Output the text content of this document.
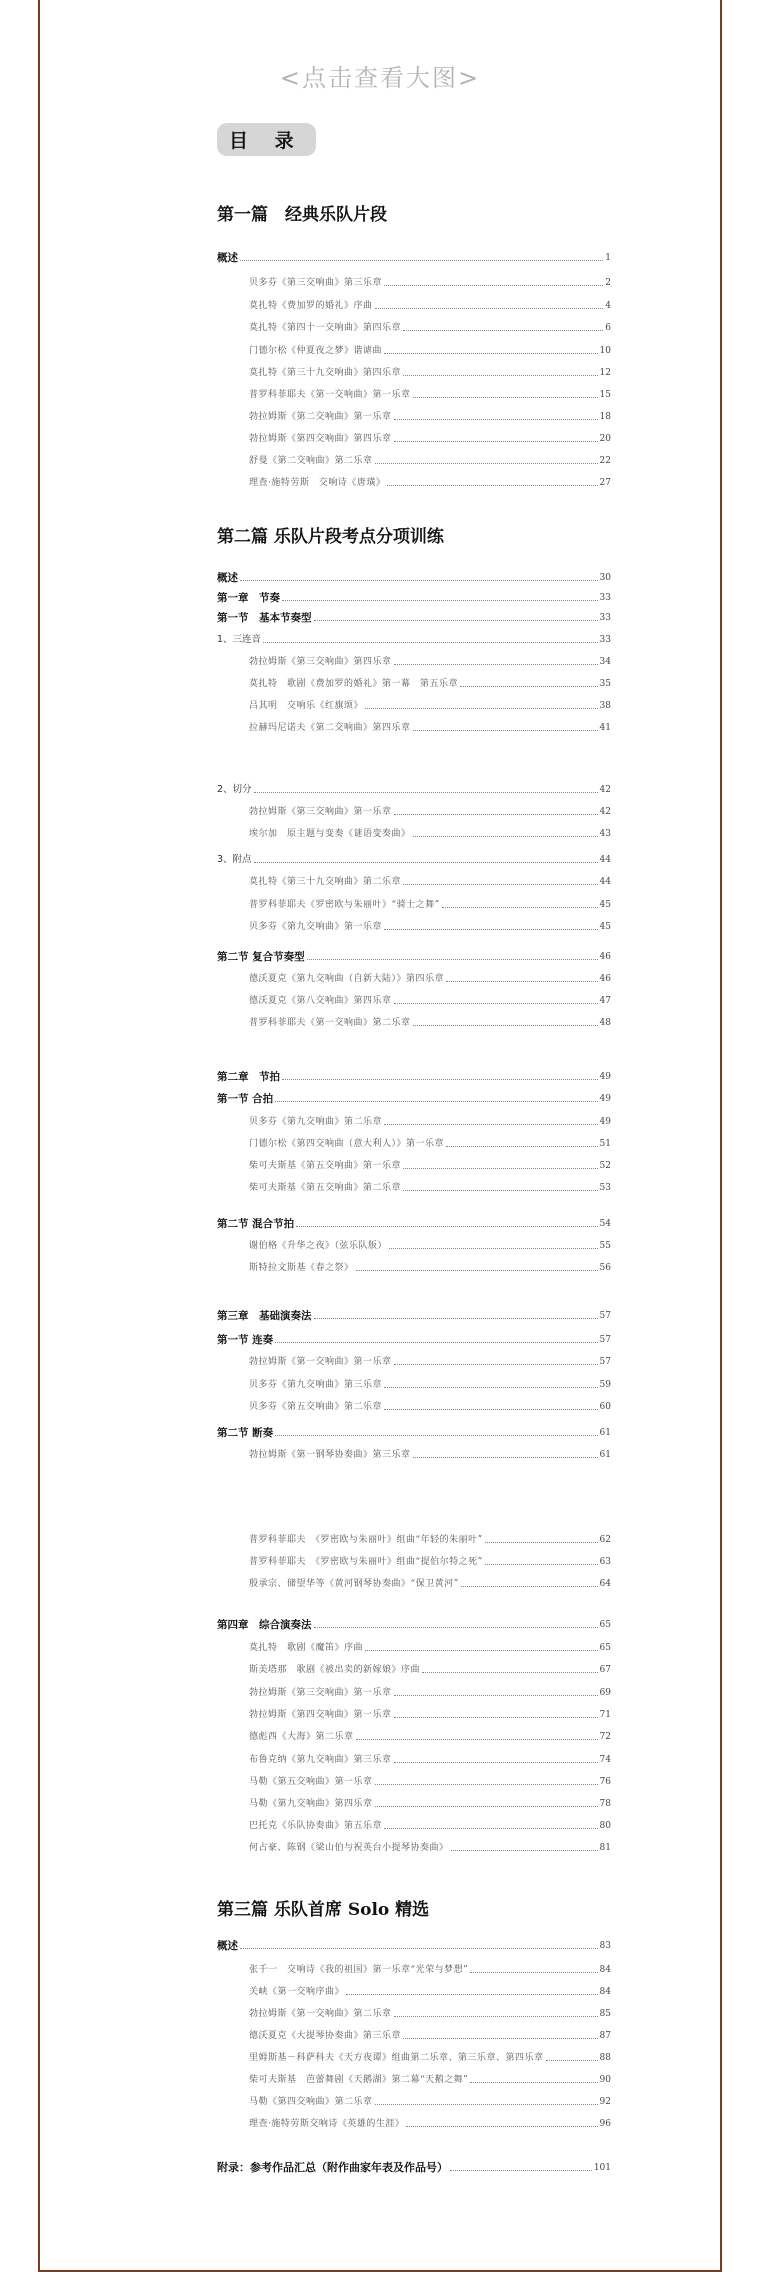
<点击查看大图>
目 录
第一篇　经典乐队片段
概述	1
贝多芬《第三交响曲》第三乐章	2
莫扎特《费加罗的婚礼》序曲	4
莫扎特《第四十一交响曲》第四乐章	6
门德尔松《仲夏夜之梦》谐谑曲	10
莫扎特《第三十九交响曲》第四乐章	12
普罗科菲耶夫《第一交响曲》第一乐章	15
勃拉姆斯《第二交响曲》第一乐章	18
勃拉姆斯《第四交响曲》第四乐章	20
舒曼《第二交响曲》第二乐章	22
理查·施特劳斯　交响诗《唐璜》	27
第二篇 乐队片段考点分项训练
概述	30
第一章　节奏	33
第一节　基本节奏型	33
1、三连音	33
勃拉姆斯《第三交响曲》第四乐章	34
莫扎特　歌剧《费加罗的婚礼》第一幕　第五乐章	35
吕其明　交响乐《红旗颂》	38
拉赫玛尼诺夫《第二交响曲》第四乐章	41
2、切分	42
勃拉姆斯《第三交响曲》第一乐章	42
埃尔加　原主题与变奏《谜语变奏曲》	43
3、附点	44
莫扎特《第三十九交响曲》第二乐章	44
普罗科菲耶夫《罗密欧与朱丽叶》“骑士之舞”	45
贝多芬《第九交响曲》第一乐章	45
第二节 复合节奏型	46
德沃夏克《第九交响曲（自新大陆）》第四乐章	46
德沃夏克《第八交响曲》第四乐章	47
普罗科菲耶夫《第一交响曲》第二乐章	48
第二章　节拍	49
第一节 合拍	49
贝多芬《第九交响曲》第二乐章	49
门德尔松《第四交响曲（意大利人）》第一乐章	51
柴可夫斯基《第五交响曲》第一乐章	52
柴可夫斯基《第五交响曲》第二乐章	53
第二节 混合节拍	54
谢伯格《升华之夜》（弦乐队版）	55
斯特拉文斯基《春之祭》	56
第三章　基础演奏法	57
第一节 连奏	57
勃拉姆斯《第一交响曲》第一乐章	57
贝多芬《第九交响曲》第三乐章	59
贝多芬《第五交响曲》第二乐章	60
第二节 断奏	61
勃拉姆斯《第一钢琴协奏曲》第三乐章	61
普罗科菲耶夫　《罗密欧与朱丽叶》组曲“年轻的朱丽叶”	62
普罗科菲耶夫　《罗密欧与朱丽叶》组曲“提伯尔特之死”	63
殷承宗、储望华等《黄河钢琴协奏曲》“保卫黄河”	64
第四章　综合演奏法	65
莫扎特　歌剧《魔笛》序曲	65
斯美塔那　歌剧《被出卖的新嫁娘》序曲	67
勃拉姆斯《第三交响曲》第一乐章	69
勃拉姆斯《第四交响曲》第一乐章	71
德彪西《大海》第二乐章	72
布鲁克纳《第九交响曲》第三乐章	74
马勒《第五交响曲》第一乐章	76
马勒《第九交响曲》第四乐章	78
巴托克《乐队协奏曲》第五乐章	80
何占豪、陈钢《梁山伯与祝英台小提琴协奏曲》	81
第三篇 乐队首席 Solo 精选
概述	83
张千一　交响诗《我的祖国》第一乐章“光荣与梦想”	84
关峡《第一交响序曲》	84
勃拉姆斯《第一交响曲》第二乐章	85
德沃夏克《大提琴协奏曲》第三乐章	87
里姆斯基－科萨科夫《天方夜谭》组曲第二乐章、第三乐章、第四乐章	88
柴可夫斯基　芭蕾舞剧《天鹅湖》第二幕“天鹅之舞”	90
马勒《第四交响曲》第二乐章	92
理查·施特劳斯交响诗《英雄的生涯》	96
附录：参考作品汇总（附作曲家年表及作品号）	101
